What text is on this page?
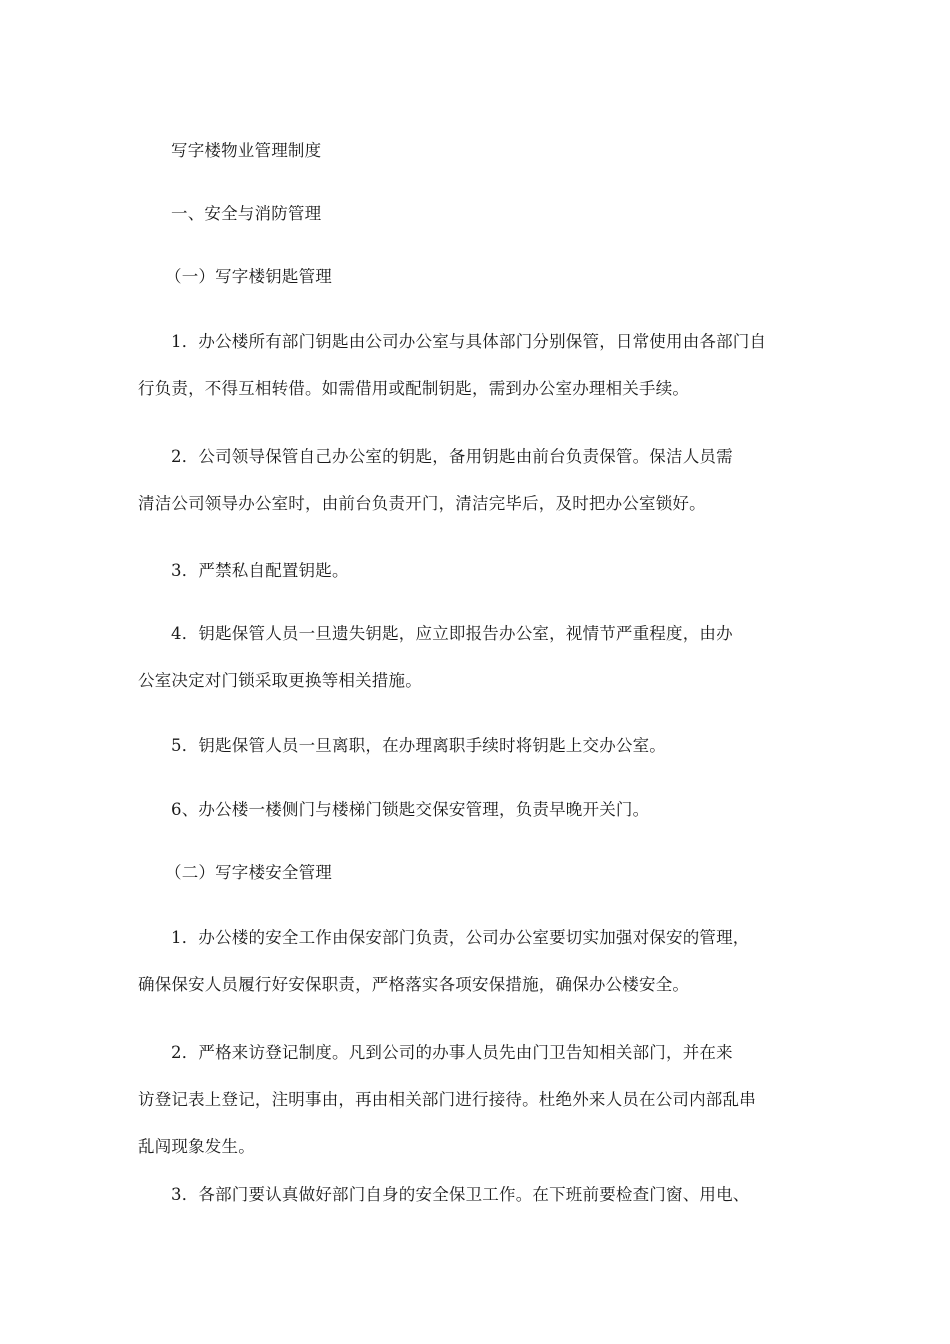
写字楼物业管理制度
一、安全与消防管理
（一）写字楼钥匙管理
1．办公楼所有部门钥匙由公司办公室与具体部门分别保管，日常使用由各部门自
行负责，不得互相转借。如需借用或配制钥匙，需到办公室办理相关手续。
2．公司领导保管自己办公室的钥匙，备用钥匙由前台负责保管。保洁人员需
清洁公司领导办公室时，由前台负责开门，清洁完毕后，及时把办公室锁好。
3．严禁私自配置钥匙。
4．钥匙保管人员一旦遗失钥匙，应立即报告办公室，视情节严重程度，由办
公室决定对门锁采取更换等相关措施。
5．钥匙保管人员一旦离职，在办理离职手续时将钥匙上交办公室。
6、办公楼一楼侧门与楼梯门锁匙交保安管理，负责早晚开关门。
（二）写字楼安全管理
1．办公楼的安全工作由保安部门负责，公司办公室要切实加强对保安的管理，
确保保安人员履行好安保职责，严格落实各项安保措施，确保办公楼安全。
2．严格来访登记制度。凡到公司的办事人员先由门卫告知相关部门，并在来
访登记表上登记，注明事由，再由相关部门进行接待。杜绝外来人员在公司内部乱串
乱闯现象发生。
3．各部门要认真做好部门自身的安全保卫工作。在下班前要检查门窗、用电、
